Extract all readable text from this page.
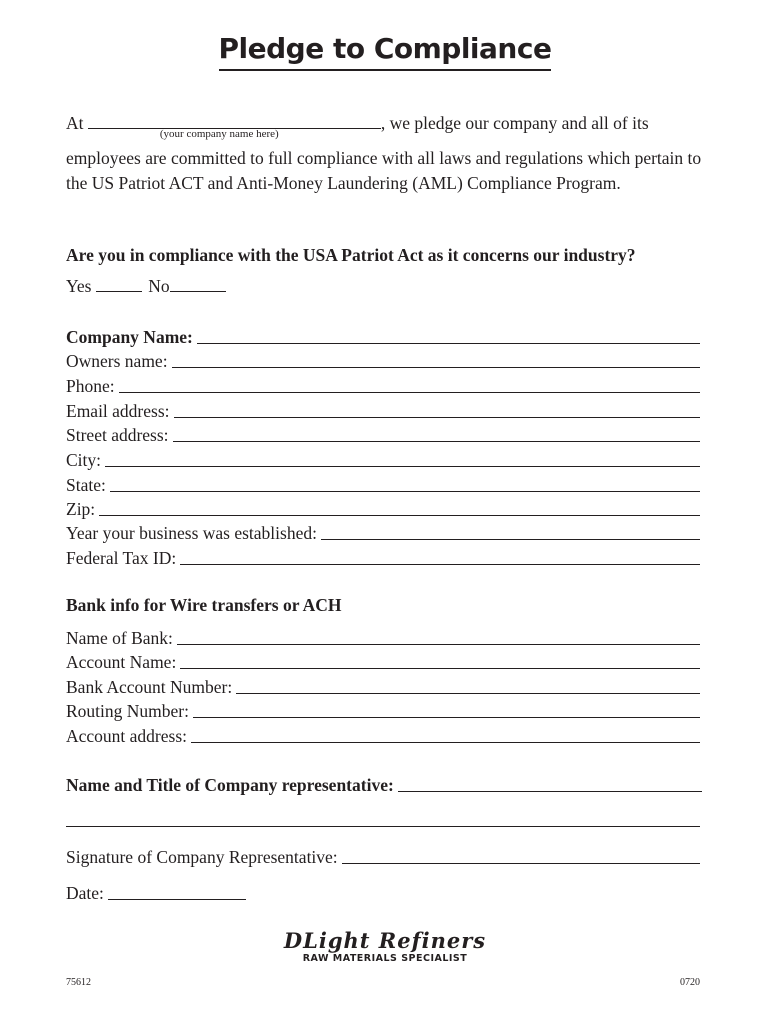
Pledge to Compliance
At
(your company name here)
, we pledge our company and all of its
employees are committed to full compliance with all laws and regulations which pertain to the US Patriot ACT and Anti-Money Laundering (AML) Compliance Program.
Are you in compliance with the USA Patriot Act as it concerns our industry?
Yes	No
Company Name:
Owners name:
Phone:
Email address:
Street address:
City:
State:
Zip:
Year your business was established:
Federal Tax ID:
Bank info for Wire transfers or ACH
Name of Bank:
Account Name:
Bank Account Number:
Routing Number:
Account address:
Name and Title of Company representative:
Signature of Company Representative:
Date:
DLight Refiners
RAW MATERIALS SPECIALIST
75612	0720
